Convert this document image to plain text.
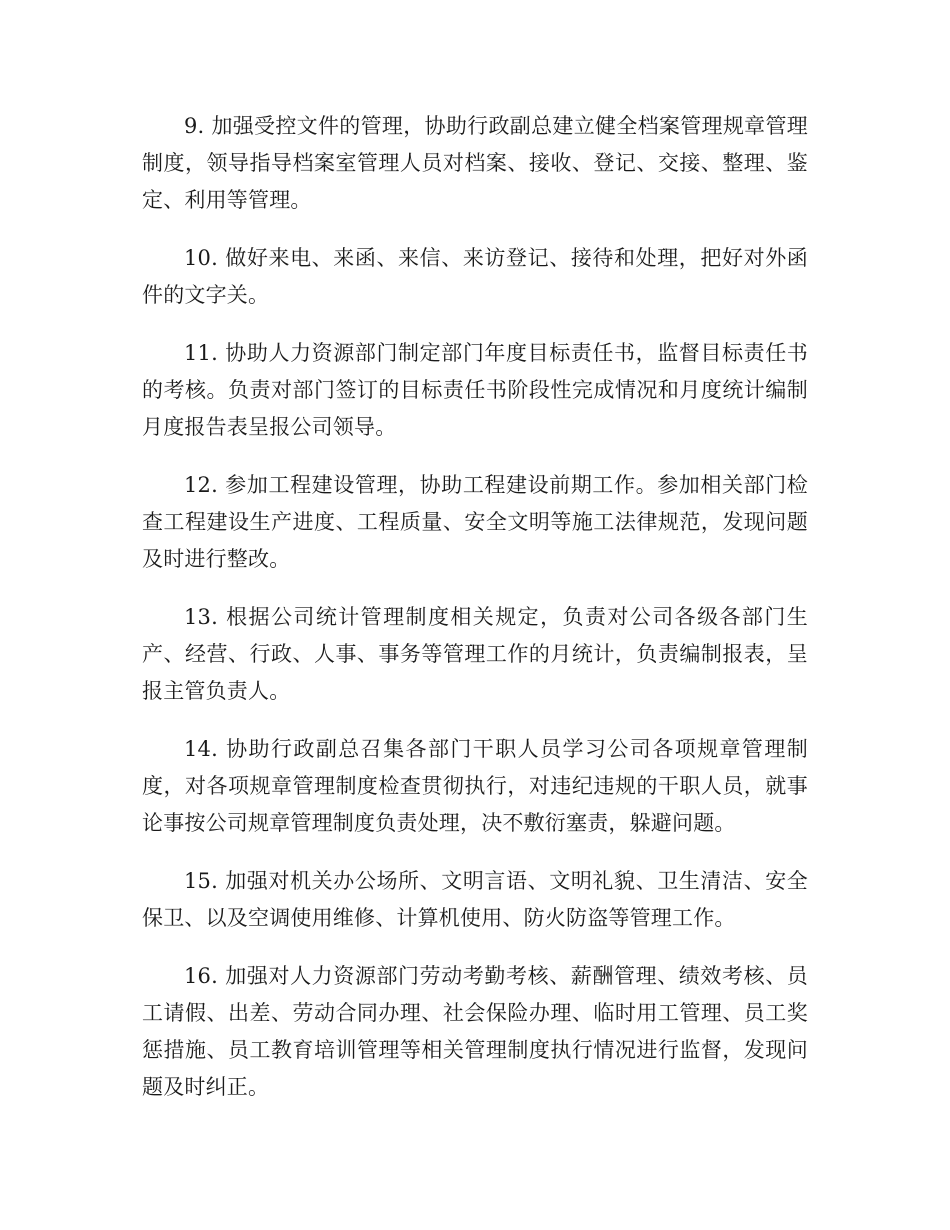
9. 加强受控文件的管理，协助行政副总建立健全档案管理规章管理制度，领导指导档案室管理人员对档案、接收、登记、交接、整理、鉴定、利用等管理。

10. 做好来电、来函、来信、来访登记、接待和处理，把好对外函件的文字关。

11. 协助人力资源部门制定部门年度目标责任书，监督目标责任书的考核。负责对部门签订的目标责任书阶段性完成情况和月度统计编制月度报告表呈报公司领导。

12. 参加工程建设管理，协助工程建设前期工作。参加相关部门检查工程建设生产进度、工程质量、安全文明等施工法律规范，发现问题及时进行整改。

13. 根据公司统计管理制度相关规定，负责对公司各级各部门生产、经营、行政、人事、事务等管理工作的月统计，负责编制报表，呈报主管负责人。

14. 协助行政副总召集各部门干职人员学习公司各项规章管理制度，对各项规章管理制度检查贯彻执行，对违纪违规的干职人员，就事论事按公司规章管理制度负责处理，决不敷衍塞责，躲避问题。

15. 加强对机关办公场所、文明言语、文明礼貌、卫生清洁、安全保卫、以及空调使用维修、计算机使用、防火防盗等管理工作。

16. 加强对人力资源部门劳动考勤考核、薪酬管理、绩效考核、员工请假、出差、劳动合同办理、社会保险办理、临时用工管理、员工奖惩措施、员工教育培训管理等相关管理制度执行情况进行监督，发现问题及时纠正。
